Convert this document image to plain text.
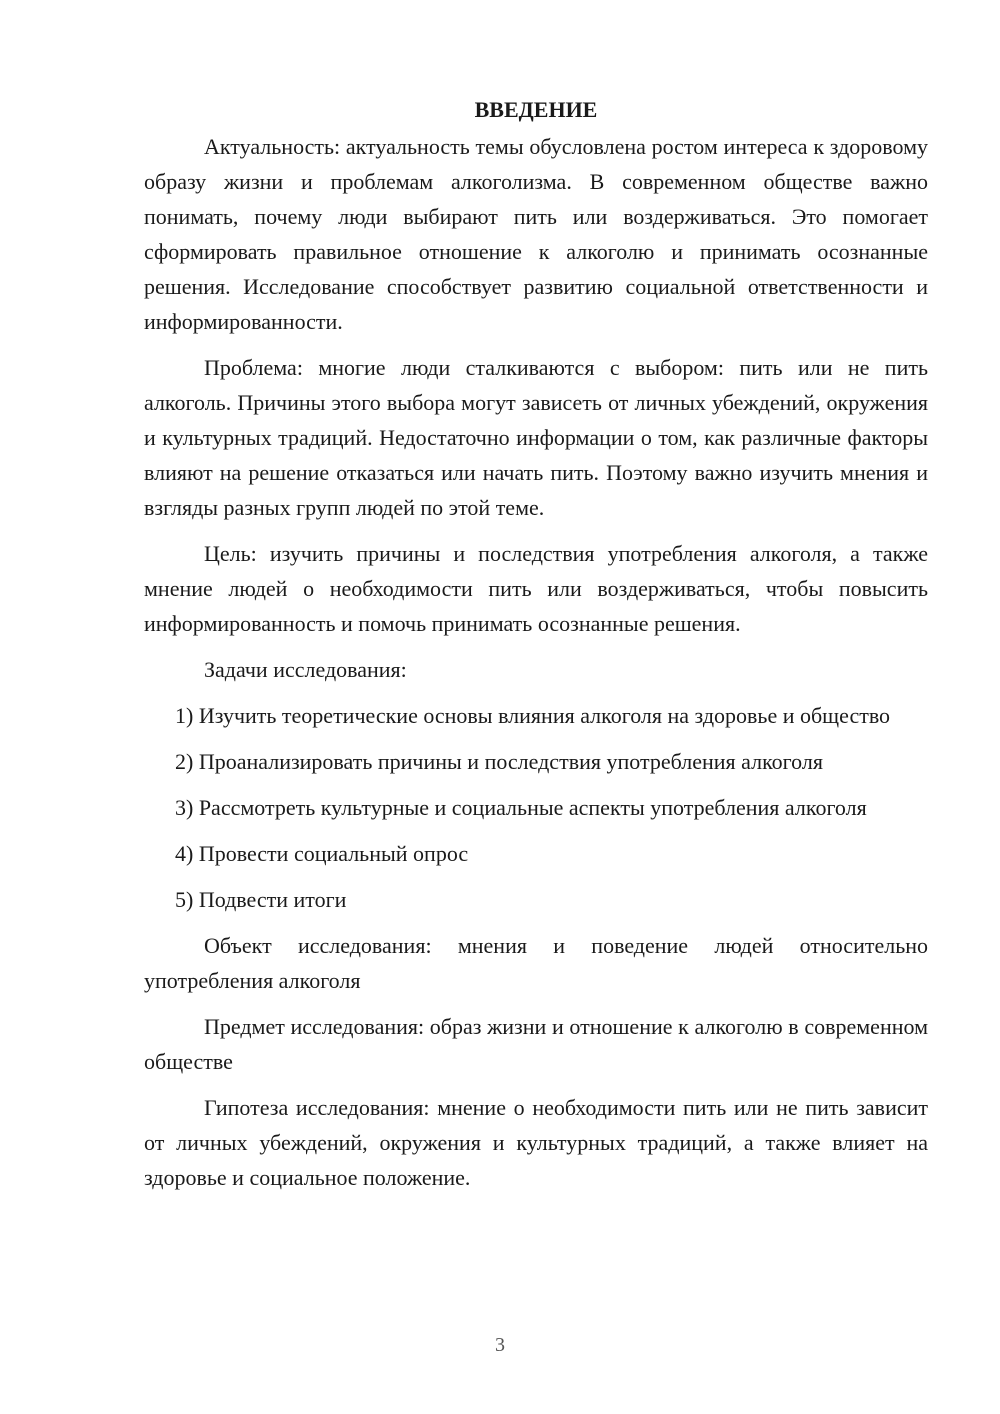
ВВЕДЕНИЕ

Актуальность: актуальность темы обусловлена ростом интереса к здоровому образу жизни и проблемам алкоголизма. В современном обществе важно понимать, почему люди выбирают пить или воздерживаться. Это помогает сформировать правильное отношение к алкоголю и принимать осознанные решения. Исследование способствует развитию социальной ответственности и информированности.

Проблема: многие люди сталкиваются с выбором: пить или не пить алкоголь. Причины этого выбора могут зависеть от личных убеждений, окружения и культурных традиций. Недостаточно информации о том, как различные факторы влияют на решение отказаться или начать пить. Поэтому важно изучить мнения и взгляды разных групп людей по этой теме.

Цель: изучить причины и последствия употребления алкоголя, а также мнение людей о необходимости пить или воздерживаться, чтобы повысить информированность и помочь принимать осознанные решения.

Задачи исследования:

1) Изучить теоретические основы влияния алкоголя на здоровье и общество

2) Проанализировать причины и последствия употребления алкоголя

3) Рассмотреть культурные и социальные аспекты употребления алкоголя

4) Провести социальный опрос

5) Подвести итоги

Объект исследования: мнения и поведение людей относительно употребления алкоголя

Предмет исследования: образ жизни и отношение к алкоголю в современном обществе

Гипотеза исследования: мнение о необходимости пить или не пить зависит от личных убеждений, окружения и культурных традиций, а также влияет на здоровье и социальное положение.

3
